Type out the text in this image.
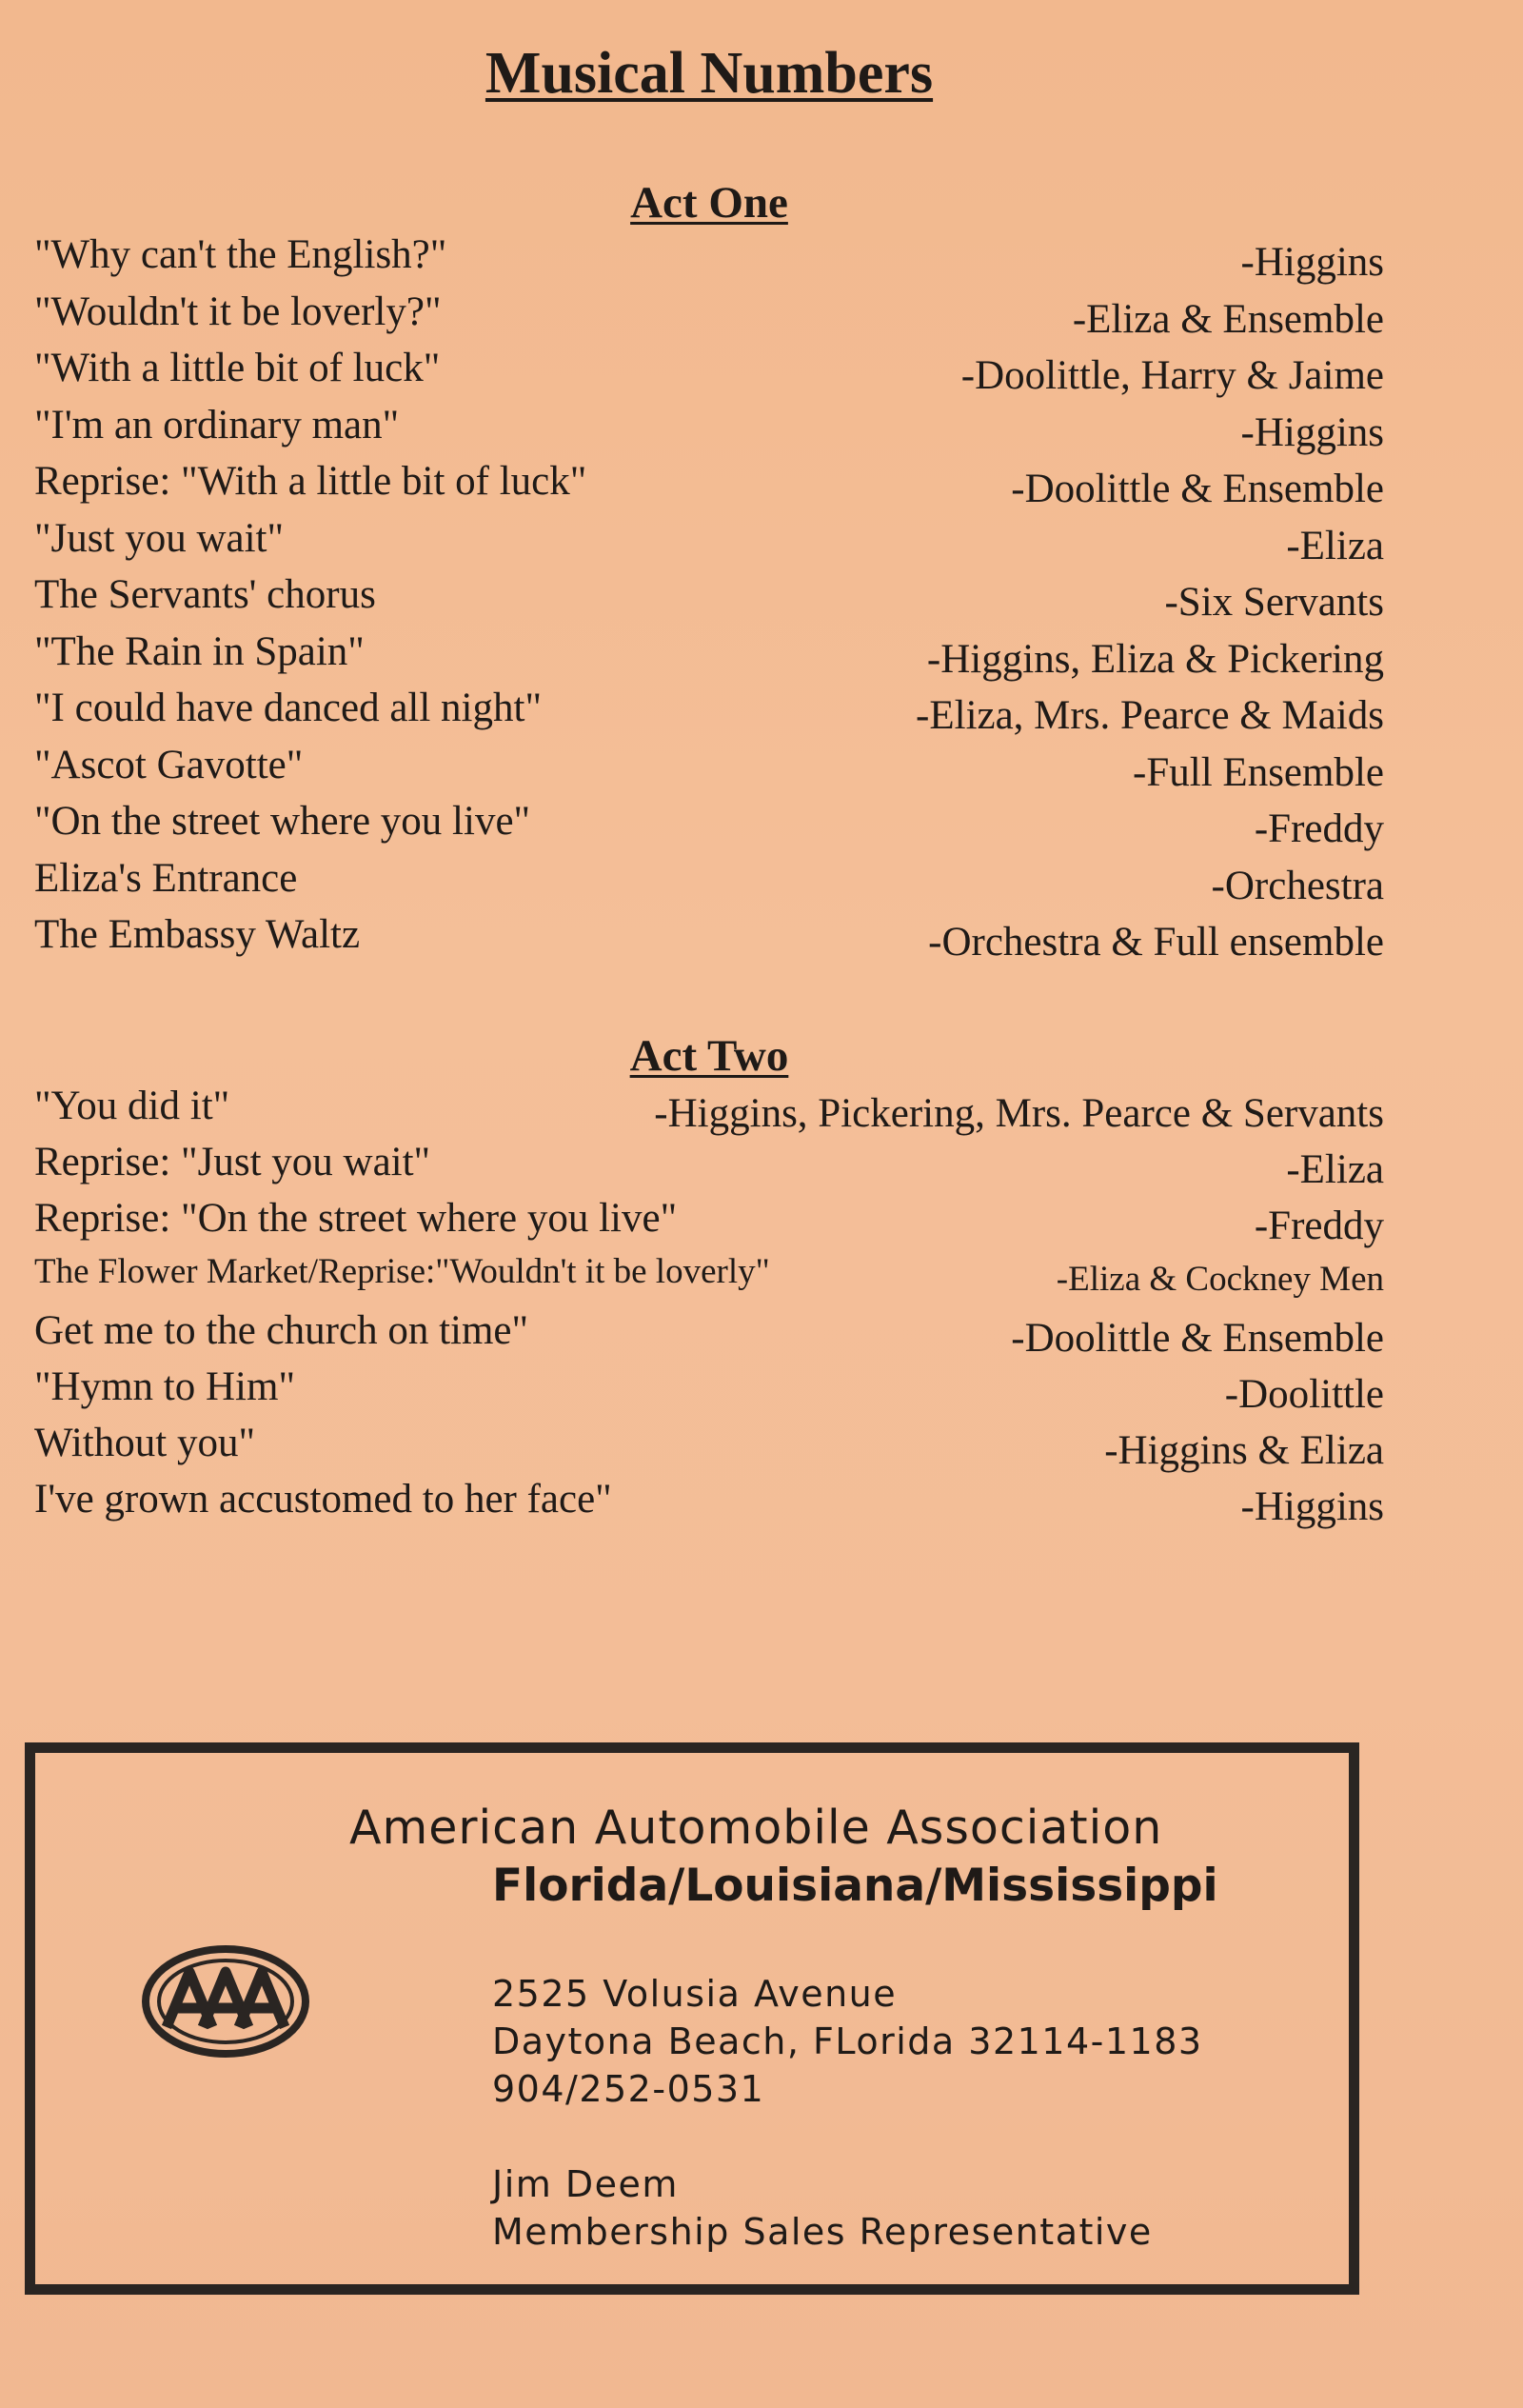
Musical Numbers
Act One
"Why can't the English?"	-Higgins
"Wouldn't it be loverly?"	-Eliza & Ensemble
"With a little bit of luck"	-Doolittle, Harry & Jaime
"I'm an ordinary man"	-Higgins
Reprise: "With a little bit of luck"	-Doolittle & Ensemble
"Just you wait"	-Eliza
The Servants' chorus	-Six Servants
"The Rain in Spain"	-Higgins, Eliza & Pickering
"I could have danced all night"	-Eliza, Mrs. Pearce & Maids
"Ascot Gavotte"	-Full Ensemble
"On the street where you live"	-Freddy
Eliza's Entrance	-Orchestra
The Embassy Waltz	-Orchestra & Full ensemble
Act Two
"You did it"	-Higgins, Pickering, Mrs. Pearce & Servants
Reprise: "Just you wait"	-Eliza
Reprise: "On the street where you live"	-Freddy
The Flower Market/Reprise:"Wouldn't it be loverly"	-Eliza & Cockney Men
Get me to the church on time"	-Doolittle & Ensemble
"Hymn to Him"	-Doolittle
Without you"	-Higgins & Eliza
I've grown accustomed to her face"	-Higgins
American Automobile Association
Florida/Louisiana/Mississippi
2525 Volusia Avenue
Daytona Beach, FLorida 32114-1183
904/252-0531
Jim Deem
Membership Sales Representative
